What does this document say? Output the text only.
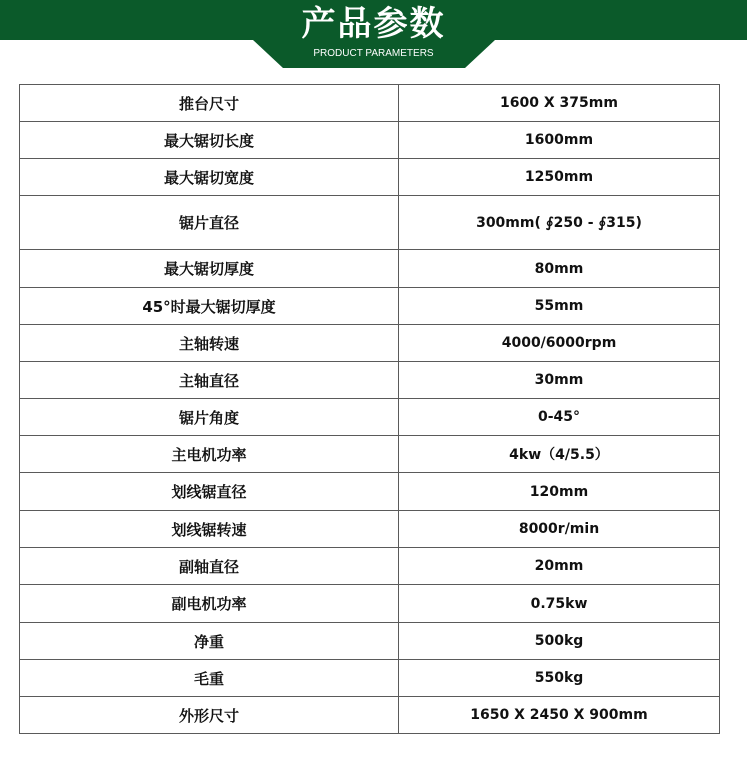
产品参数
PRODUCT PARAMETERS
推台尺寸	1600 X 375mm
最大锯切长度	1600mm
最大锯切宽度	1250mm
锯片直径	300mm( ∮250 - ∮315)
最大锯切厚度	80mm
45°时最大锯切厚度	55mm
主轴转速	4000/6000rpm
主轴直径	30mm
锯片角度	0-45°
主电机功率	4kw（4/5.5）
划线锯直径	120mm
划线锯转速	8000r/min
副轴直径	20mm
副电机功率	0.75kw
净重	500kg
毛重	550kg
外形尺寸	1650 X 2450 X 900mm
